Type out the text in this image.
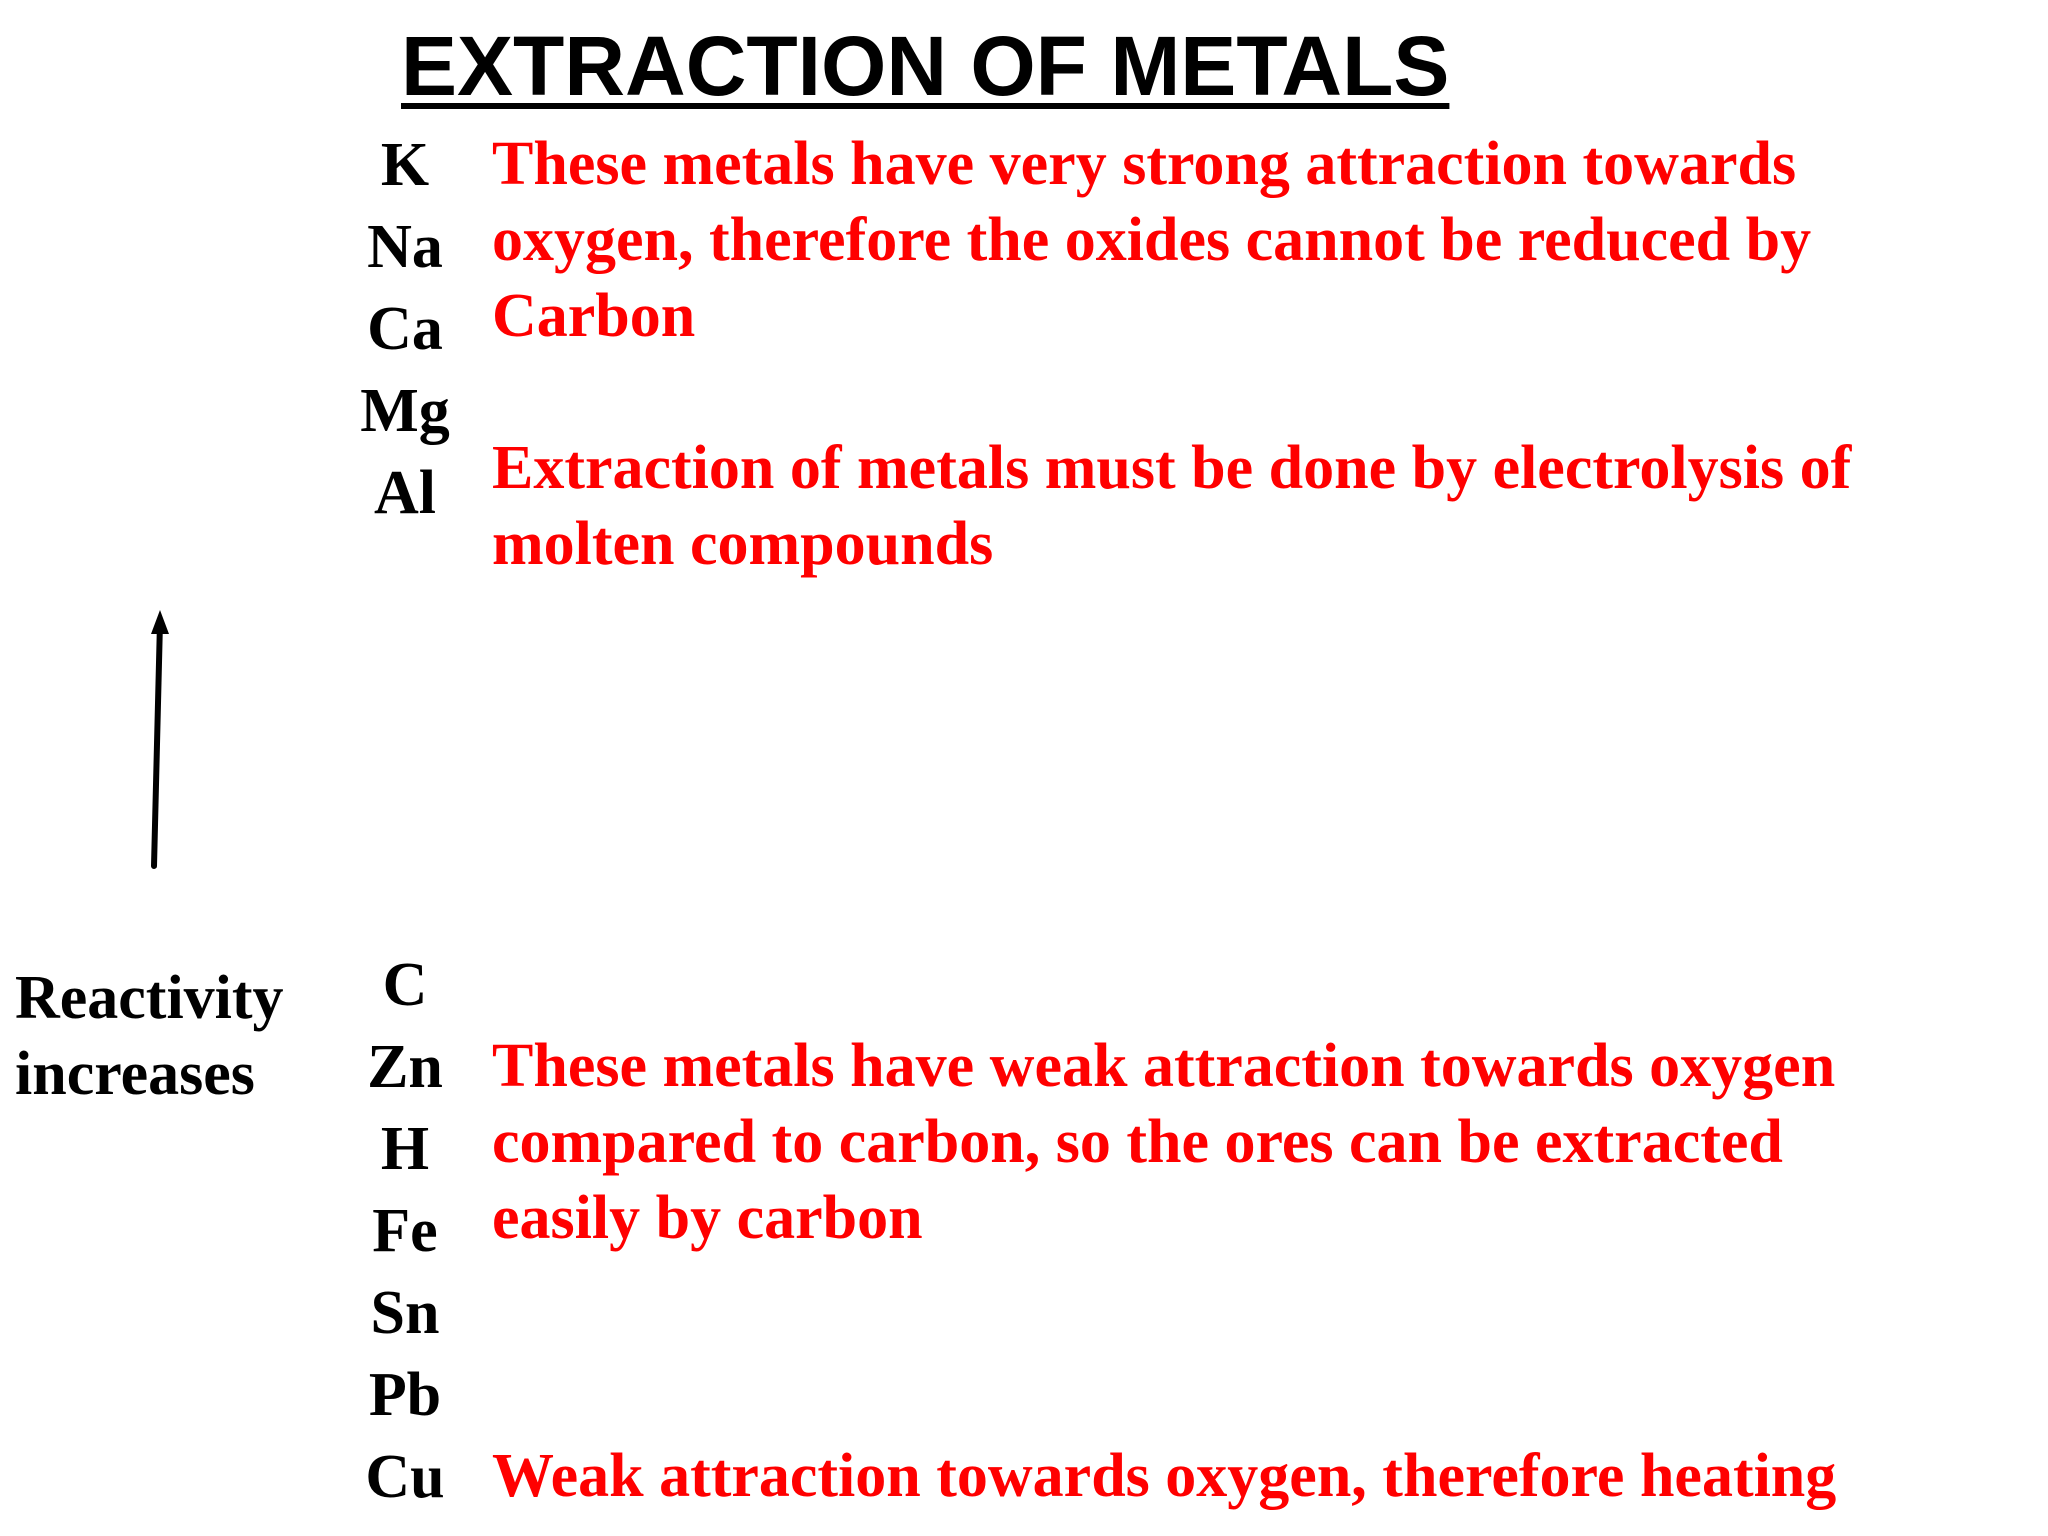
EXTRACTION OF METALS
K
Na
Ca
Mg
Al
C
Zn
H
Fe
Sn
Pb
Cu
These metals have very strong attraction towards
oxygen, therefore the oxides cannot be reduced by
Carbon
Extraction of metals must be done by electrolysis of
molten compounds
These metals have weak attraction towards oxygen
compared to carbon, so the ores can be extracted
easily by carbon
Weak attraction towards oxygen, therefore heating
Reactivity
increases
